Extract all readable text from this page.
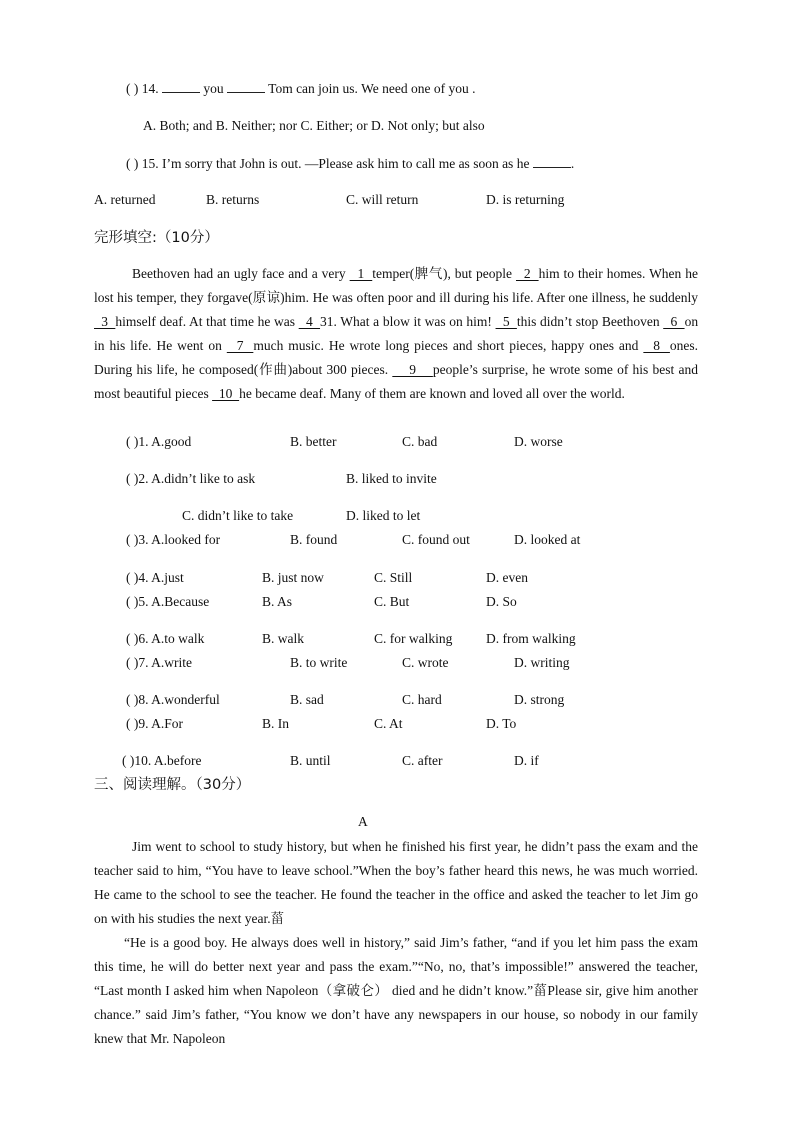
( ) 14.	you	Tom can join us. We need one of you .
A. Both; and B. Neither; nor C. Either; or D. Not only; but also
( ) 15. I’m sorry that John is out. —Please ask him to call me as soon as he	.
A. returned	B. returns	C. will return	D. is returning
完形填空:（10分）
Beethoven had an ugly face and a very   1  temper(脾气), but people   2  him to their homes. When he lost his temper, they forgave(原谅)him. He was often poor and ill during his life. After one illness, he suddenly   3  himself deaf. At that time he was   4  31. What a blow it was on him!   5  this didn’t stop Beethoven   6  on in his life. He went on   7  much music. He wrote long pieces and short pieces, happy ones and   8  ones. During his life, he composed(作曲)about 300 pieces.     9    people’s surprise, he wrote some of his best and most beautiful pieces   10  he became deaf. Many of them are known and loved all over the world.
( )1. A.good	B. better	C. bad	D. worse
( )2. A.didn’t like to ask	B. liked to invite
C. didn’t like to take	D. liked to let
( )3. A.looked for	B. found	C. found out	D. looked at
( )4. A.just	B. just now	C. Still	D. even
( )5. A.Because	B. As	C. But	D. So
( )6. A.to walk	B. walk	C. for walking D. from walking
( )7. A.write	B. to write	C. wrote	D. writing
( )8. A.wonderful	B. sad	C. hard	D. strong
( )9. A.For	B. In	C. At	D. To
( )10. A.before	B. until	C. after	D. if
三、阅读理解。（30分）
A
Jim went to school to study history, but when he finished his first year, he didn’t pass the exam and the teacher said to him, “You have to leave school.”When the boy’s father heard this news, he was much worried. He came to the school to see the teacher. He found the teacher in the office and asked the teacher to let Jim go on with his studies the next year.菑
“He is a good boy. He always does well in history,” said Jim’s father, “and if you let him pass the exam this time, he will do better next year and pass the exam.”“No, no, that’s impossible!” answered the teacher, “Last month I asked him when Napoleon（拿破仑） died and he didn’t know.”菑Please sir, give him another chance.” said Jim’s father, “You know we don’t have any newspapers in our house, so nobody in our family knew that Mr. Napoleon
